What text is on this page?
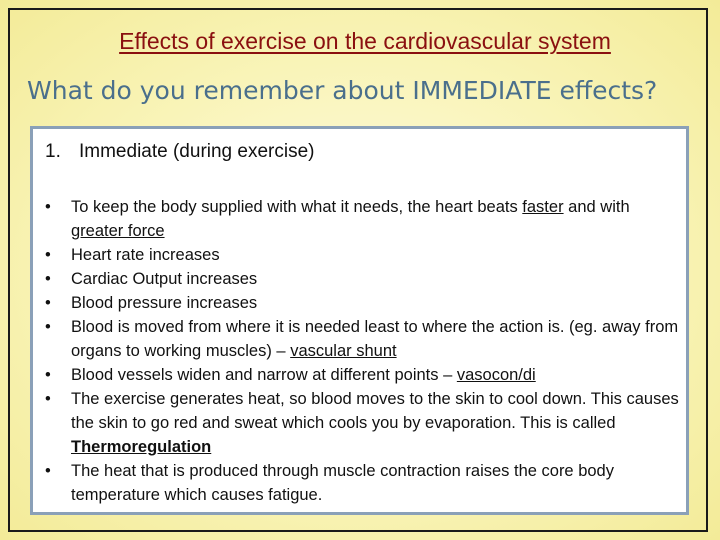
Effects of exercise on the cardiovascular system
What do you remember about IMMEDIATE effects?
1. Immediate (during exercise)
• To keep the body supplied with what it needs, the heart beats faster and with greater force
• Heart rate increases
• Cardiac Output increases
• Blood pressure increases
• Blood is moved from where it is needed least to where the action is. (eg. away from organs to working muscles) – vascular shunt
• Blood vessels widen and narrow at different points – vasocon/di
• The exercise generates heat, so blood moves to the skin to cool down. This causes the skin to go red and sweat which cools you by evaporation. This is called Thermoregulation
• The heat that is produced through muscle contraction raises the core body temperature which causes fatigue.
